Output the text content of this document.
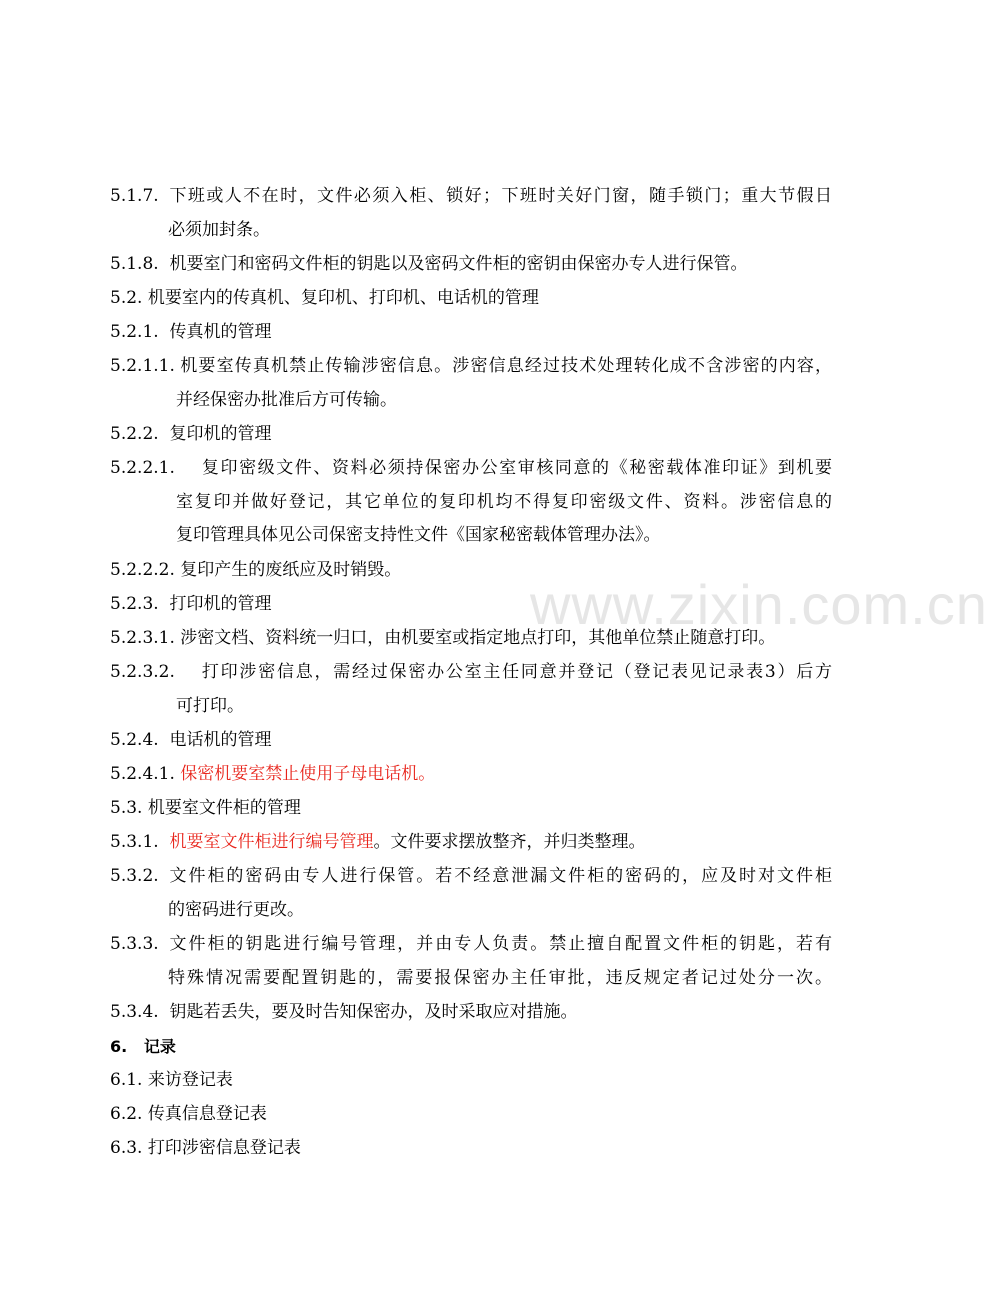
www.zixin.com.cn
5.1.7. 下班或人不在时，文件必须入柜、锁好；下班时关好门窗，随手锁门；重大节假日
必须加封条。
5.1.8.  机要室门和密码文件柜的钥匙以及密码文件柜的密钥由保密办专人进行保管。
5.2. 机要室内的传真机、复印机、打印机、电话机的管理
5.2.1.  传真机的管理
5.2.1.1. 机要室传真机禁止传输涉密信息。涉密信息经过技术处理转化成不含涉密的内容，
并经保密办批准后方可传输。
5.2.2.  复印机的管理
5.2.2.1. 复印密级文件、资料必须持保密办公室审核同意的《秘密载体准印证》到机要
室复印并做好登记，其它单位的复印机均不得复印密级文件、资料。涉密信息的
复印管理具体见公司保密支持性文件《国家秘密载体管理办法》。
5.2.2.2. 复印产生的废纸应及时销毁。
5.2.3.  打印机的管理
5.2.3.1. 涉密文档、资料统一归口，由机要室或指定地点打印，其他单位禁止随意打印。
5.2.3.2. 打印涉密信息，需经过保密办公室主任同意并登记（登记表见记录表3）后方
可打印。
5.2.4.  电话机的管理
5.2.4.1. 保密机要室禁止使用子母电话机。
5.3. 机要室文件柜的管理
5.3.1.  机要室文件柜进行编号管理。文件要求摆放整齐，并归类整理。
5.3.2. 文件柜的密码由专人进行保管。若不经意泄漏文件柜的密码的，应及时对文件柜
的密码进行更改。
5.3.3. 文件柜的钥匙进行编号管理，并由专人负责。禁止擅自配置文件柜的钥匙，若有
特殊情况需要配置钥匙的，需要报保密办主任审批，违反规定者记过处分一次。
5.3.4.  钥匙若丢失，要及时告知保密办，及时采取应对措施。
6.   记录
6.1. 来访登记表
6.2. 传真信息登记表
6.3. 打印涉密信息登记表
